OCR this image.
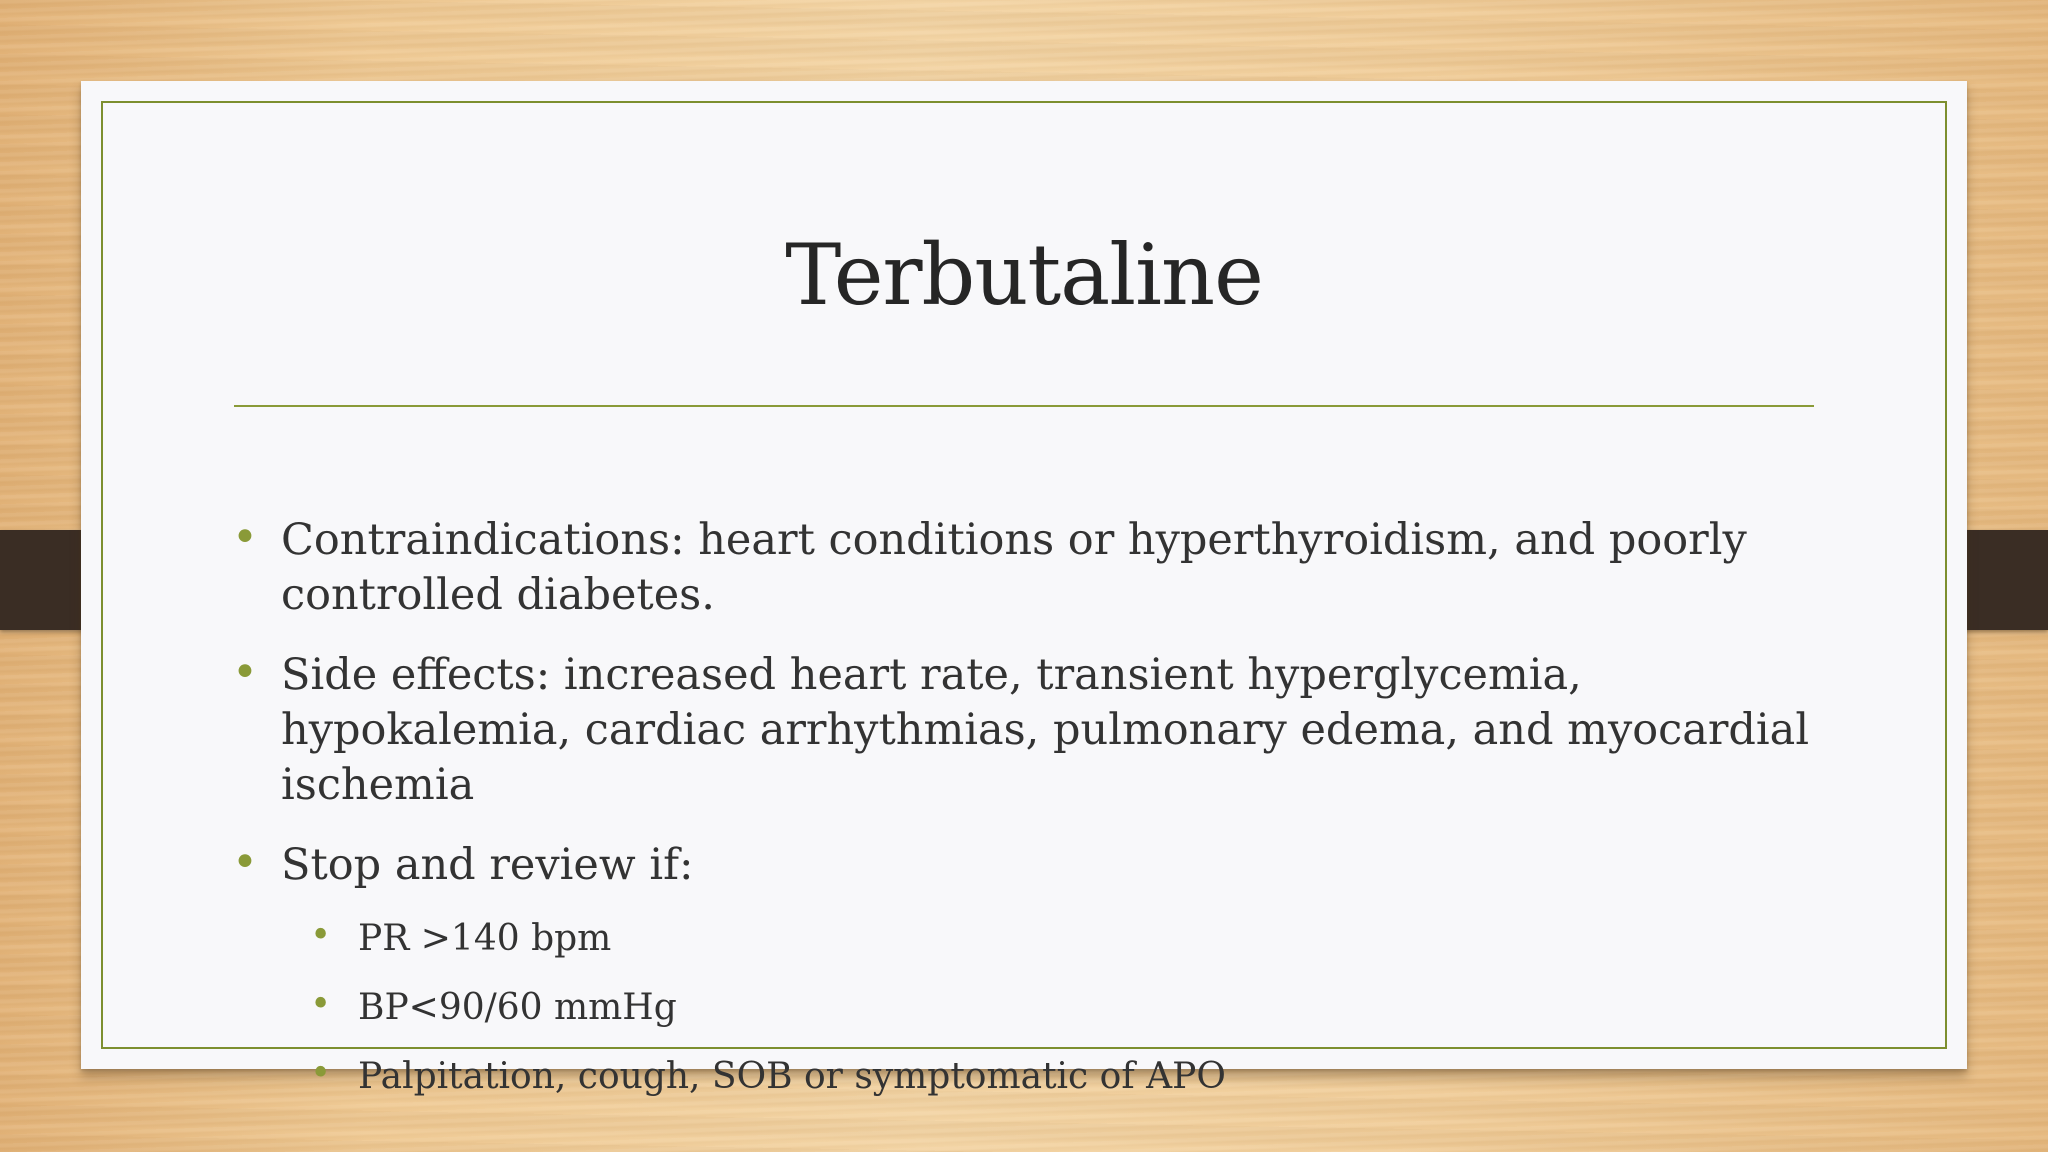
Terbutaline
• Contraindications: heart conditions or hyperthyroidism, and poorly controlled diabetes.
• Side effects: increased heart rate, transient hyperglycemia, hypokalemia, cardiac arrhythmias, pulmonary edema, and myocardial ischemia
• Stop and review if:
• PR >140 bpm
• BP<90/60 mmHg
• Palpitation, cough, SOB or symptomatic of APO
